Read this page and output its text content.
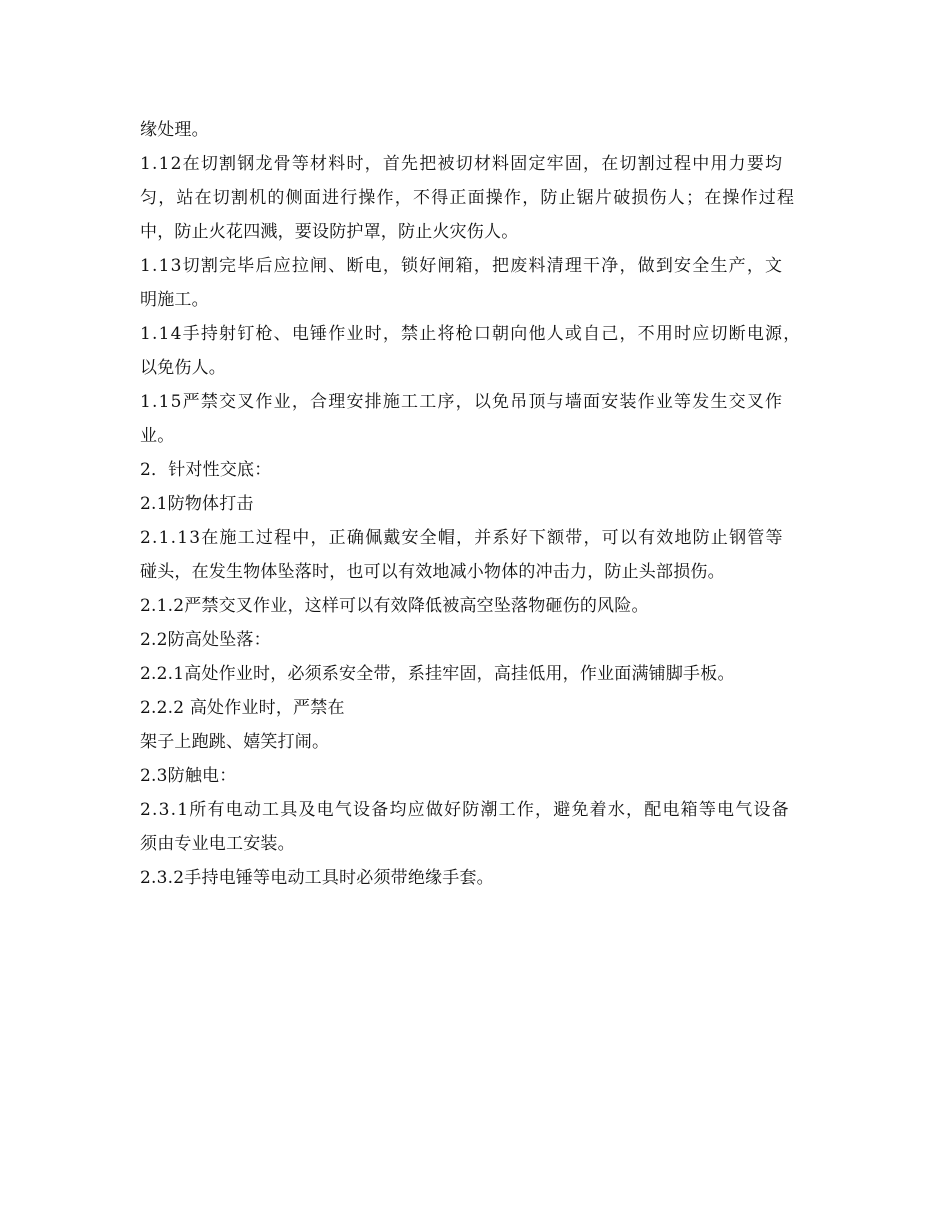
缘处理。
1.12在切割钢龙骨等材料时，首先把被切材料固定牢固，在切割过程中用力要均
匀，站在切割机的侧面进行操作，不得正面操作，防止锯片破损伤人；在操作过程
中，防止火花四溅，要设防护罩，防止火灾伤人。
1.13切割完毕后应拉闸、断电，锁好闸箱，把废料清理干净，做到安全生产，文
明施工。
1.14手持射钉枪、电锤作业时，禁止将枪口朝向他人或自己，不用时应切断电源，
以免伤人。
1.15严禁交叉作业，合理安排施工工序，以免吊顶与墙面安装作业等发生交叉作
业。
2．针对性交底：
2.1防物体打击
2.1.13在施工过程中，正确佩戴安全帽，并系好下额带，可以有效地防止钢管等
碰头，在发生物体坠落时，也可以有效地减小物体的冲击力，防止头部损伤。
2.1.2严禁交叉作业，这样可以有效降低被高空坠落物砸伤的风险。
2.2防高处坠落：
2.2.1高处作业时，必须系安全带，系挂牢固，高挂低用，作业面满铺脚手板。
2.2.2 高处作业时，严禁在
架子上跑跳、嬉笑打闹。
2.3防触电：
2.3.1所有电动工具及电气设备均应做好防潮工作，避免着水，配电箱等电气设备
须由专业电工安装。
2.3.2手持电锤等电动工具时必须带绝缘手套。
